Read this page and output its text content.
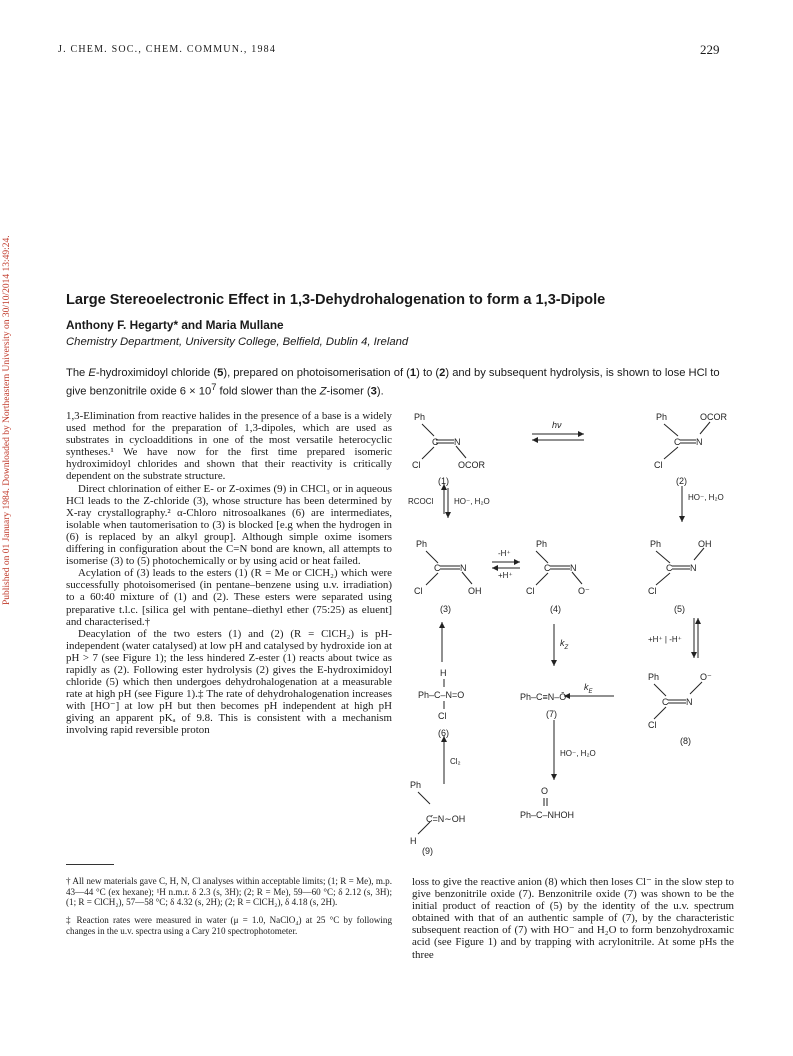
Published on 01 January 1984. Downloaded by Northeastern University on 30/10/2014 13:49:24.
J. CHEM. SOC., CHEM. COMMUN., 1984	229
Large Stereoelectronic Effect in 1,3-Dehydrohalogenation to form a 1,3-Dipole
Anthony F. Hegarty* and Maria Mullane
Chemistry Department, University College, Belfield, Dublin 4, Ireland
The E-hydroximidoyl chloride (5), prepared on photoisomerisation of (1) to (2) and by subsequent hydrolysis, is shown to lose HCl to give benzonitrile oxide $6 \times 10^7$ fold slower than the Z-isomer (3).

1,3-Elimination from reactive halides in the presence of a base is a widely used method for the preparation of 1,3-dipoles, which are used as substrates in cycloadditions in one of the most versatile heterocyclic syntheses.¹ We have now for the first time prepared isomeric hydroximidoyl chlorides and shown that their reactivity is critically dependent on the substrate structure.

Direct chlorination of either E- or Z-oximes (9) in CHCl₃ or in aqueous HCl leads to the Z-chloride (3), whose structure has been determined by X-ray crystallography.² α-Chloro nitrosoalkanes (6) are intermediates, isolable when tautomerisation to (3) is blocked [e.g when the hydrogen in (6) is replaced by an alkyl group]. Although simple oxime isomers differing in configuration about the C=N bond are known, all attempts to isomerise (3) to (5) photochemically or by using acid or heat failed.

Acylation of (3) leads to the esters (1) (R = Me or ClCH₂) which were successfully photoisomerised (in pentane–benzene using u.v. irradiation) to a 60:40 mixture of (1) and (2). These esters were separated using preparative t.l.c. [silica gel with pentane–diethyl ether (75:25) as eluent] and characterised.†

Deacylation of the two esters (1) and (2) (R = ClCH₂) is pH-independent (water catalysed) at low pH and catalysed by hydroxide ion at pH > 7 (see Figure 1); the less hindered Z-ester (1) reacts about twice as rapidly as (2). Following ester hydrolysis (2) gives the E-hydroximidoyl chloride (5) which then undergoes dehydrohalogenation at a measurable rate at high pH (see Figure 1).‡ The rate of dehydrohalogenation increases with [HO⁻] at low pH but then becomes pH independent at high pH giving an apparent pKₐ of 9.8. This is consistent with a mechanism involving rapid reversible proton

† All new materials gave C, H, N, Cl analyses within acceptable limits; (1; R = Me), m.p. 43—44 °C (ex hexane); ¹H n.m.r. δ 2.3 (s, 3H); (2; R = Me), 59—60 °C; δ 2.12 (s, 3H); (1; R = ClCH₂), 57—58 °C; δ 4.32 (s, 2H); (2; R = ClCH₂), δ 4.18 (s, 2H).

‡ Reaction rates were measured in water (μ = 1.0, NaClO₄) at 25 °C by following changes in the u.v. spectra using a Cary 210 spectrophotometer.

loss to give the reactive anion (8) which then loses Cl⁻ in the slow step to give benzonitrile oxide (7). Benzonitrile oxide (7) was shown to be the initial product of reaction of (5) by the identity of the u.v. spectrum obtained with that of an authentic sample of (7), by the characteristic subsequent reaction of (7) with HO⁻ and H₂O to form benzohydroxamic acid (see Figure 1) and by trapping with acrylonitrile. At some pHs the three

Ph
C N
Cl	OCOR
(1)
hν
Ph	OCOR
C N
Cl
(2)
RCOCl	HO⁻, H₂O	HO⁻, H₂O
Ph
C N
Cl	OH
(3)
-H⁺
+H⁺
Ph
C N
Cl	O⁻
(4)
Ph	OH
C N
Cl
(5)
+H⁺ | -H⁺
$k_Z$
H
Ph–C–N=O
Cl
(6)
Ph–C≡N–Ō
$k_E$
(7)
Ph	O⁻
C N
Cl
(8)
HO⁻, H₂O
Cl₂
Ph
C=N∼OH
H
(9)
O
Ph–C–NHOH
